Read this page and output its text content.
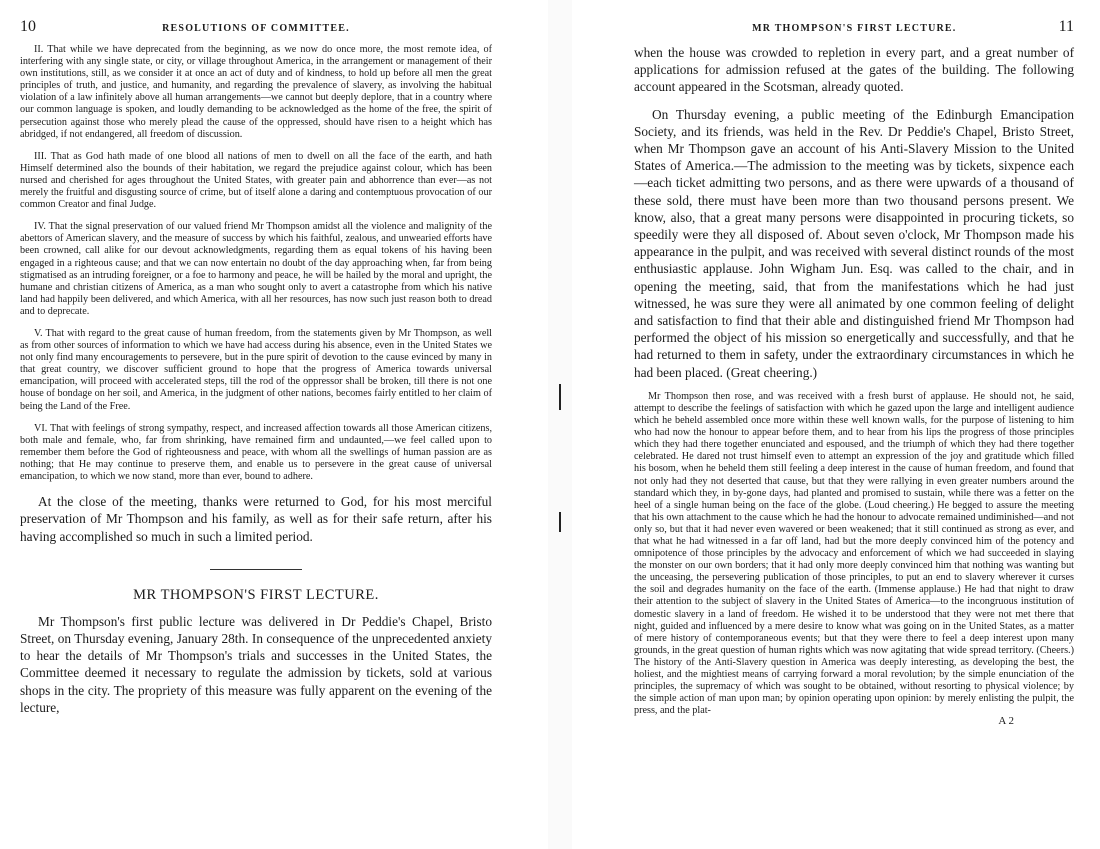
10	RESOLUTIONS OF COMMITTEE.

II. That while we have deprecated from the beginning, as we now do once more, the most remote idea, of interfering with any single state, or city, or village throughout America, in the arrangement or management of their own institutions, still, as we consider it at once an act of duty and of kindness, to hold up before all men the great principles of truth, and justice, and humanity, and regarding the prevalence of slavery, as involving the habitual violation of a law infinitely above all human arrangements—we cannot but deeply deplore, that in a country where our common language is spoken, and loudly demanding to be acknowledged as the home of the free, the spirit of persecution against those who merely plead the cause of the oppressed, should have risen to a height which has abridged, if not endangered, all freedom of discussion.

III. That as God hath made of one blood all nations of men to dwell on all the face of the earth, and hath Himself determined also the bounds of their habitation, we regard the prejudice against colour, which has been nursed and cherished for ages throughout the United States, with greater pain and abhorrence than ever—as not merely the fruitful and disgusting source of crime, but of itself alone a daring and contemptuous provocation of our common Creator and final Judge.

IV. That the signal preservation of our valued friend Mr Thompson amidst all the violence and malignity of the abettors of American slavery, and the measure of success by which his faithful, zealous, and unwearied efforts have been crowned, call alike for our devout acknowledgments, regarding them as equal tokens of his having been engaged in a righteous cause; and that we can now entertain no doubt of the day approaching when, far from being stigmatised as an intruding foreigner, or a foe to harmony and peace, he will be hailed by the moral and upright, the humane and christian citizens of America, as a man who sought only to avert a catastrophe from which his native land had happily been delivered, and which America, with all her resources, has now such just reason both to dread and to deprecate.

V. That with regard to the great cause of human freedom, from the statements given by Mr Thompson, as well as from other sources of information to which we have had access during his absence, even in the United States we not only find many encouragements to persevere, but in the pure spirit of devotion to the cause evinced by many in that great country, we discover sufficient ground to hope that the progress of America towards universal emancipation, will proceed with accelerated steps, till the rod of the oppressor shall be broken, till there is not one house of bondage on her soil, and America, in the judgment of other nations, becomes fairly entitled to her claim of being the Land of the Free.

VI. That with feelings of strong sympathy, respect, and increased affection towards all those American citizens, both male and female, who, far from shrinking, have remained firm and undaunted,—we feel called upon to remember them before the God of righteousness and peace, with whom all the swellings of human passion are as nothing; that He may continue to preserve them, and enable us to persevere in the great cause of universal emancipation, to which we now stand, more than ever, bound to adhere.

At the close of the meeting, thanks were returned to God, for his most merciful preservation of Mr Thompson and his family, as well as for their safe return, after his having accomplished so much in such a limited period.

MR THOMPSON'S FIRST LECTURE.

Mr Thompson's first public lecture was delivered in Dr Peddie's Chapel, Bristo Street, on Thursday evening, January 28th. In consequence of the unprecedented anxiety to hear the details of Mr Thompson's trials and successes in the United States, the Committee deemed it necessary to regulate the admission by tickets, sold at various shops in the city. The propriety of this measure was fully apparent on the evening of the lecture,

MR THOMPSON'S FIRST LECTURE.	11

when the house was crowded to repletion in every part, and a great number of applications for admission refused at the gates of the building. The following account appeared in the Scotsman, already quoted.

On Thursday evening, a public meeting of the Edinburgh Emancipation Society, and its friends, was held in the Rev. Dr Peddie's Chapel, Bristo Street, when Mr Thompson gave an account of his Anti-Slavery Mission to the United States of America.—The admission to the meeting was by tickets, sixpence each—each ticket admitting two persons, and as there were upwards of a thousand of these sold, there must have been more than two thousand persons present. We know, also, that a great many persons were disappointed in procuring tickets, so speedily were they all disposed of. About seven o'clock, Mr Thompson made his appearance in the pulpit, and was received with several distinct rounds of the most enthusiastic applause. John Wigham Jun. Esq. was called to the chair, and in opening the meeting, said, that from the manifestations which he had just witnessed, he was sure they were all animated by one common feeling of delight and satisfaction to find that their able and distinguished friend Mr Thompson had performed the object of his mission so energetically and successfully, and that he had returned to them in safety, under the extraordinary circumstances in which he had been placed. (Great cheering.)

Mr Thompson then rose, and was received with a fresh burst of applause. He should not, he said, attempt to describe the feelings of satisfaction with which he gazed upon the large and intelligent audience which he beheld assembled once more within these well known walls, for the purpose of listening to him who had now the honour to appear before them, and to hear from his lips the progress of those principles which they had there together enunciated and espoused, and the triumph of which they had there together celebrated. He dared not trust himself even to attempt an expression of the joy and gratitude which filled his bosom, when he beheld them still feeling a deep interest in the cause of human freedom, and found that not only had they not deserted that cause, but that they were rallying in even greater numbers around the standard which they, in by-gone days, had planted and promised to sustain, while there was a fetter on the heel of a single human being on the face of the globe. (Loud cheering.) He begged to assure the meeting that his own attachment to the cause which he had the honour to advocate remained undiminished—and not only so, but that it had never even wavered or been weakened; that it still continued as strong as ever, and that what he had witnessed in a far off land, had but the more deeply convinced him of the potency and omnipotence of those principles by the advocacy and enforcement of which we had succeeded in slaying the monster on our own borders; that it had only more deeply convinced him that nothing was wanting but the unceasing, the persevering publication of those principles, to put an end to slavery wherever it curses the soil and degrades humanity on the face of the earth. (Immense applause.) He had that night to draw their attention to the subject of slavery in the United States of America—to the incongruous institution of domestic slavery in a land of freedom. He wished it to be understood that they were not met there that night, guided and influenced by a mere desire to know what was going on in the United States, as a matter of mere history of contemporaneous events; but that they were there to feel a deep interest upon many grounds, in the great question of human rights which was now agitating that wide spread territory. (Cheers.) The history of the Anti-Slavery question in America was deeply interesting, as developing the best, the holiest, and the mightiest means of carrying forward a moral revolution; by the simple enunciation of the principles, the supremacy of which was sought to be obtained, without resorting to physical violence; by the simple action of man upon man; by opinion operating upon opinion: by merely enlisting the pulpit, the press, and the plat-

A 2
